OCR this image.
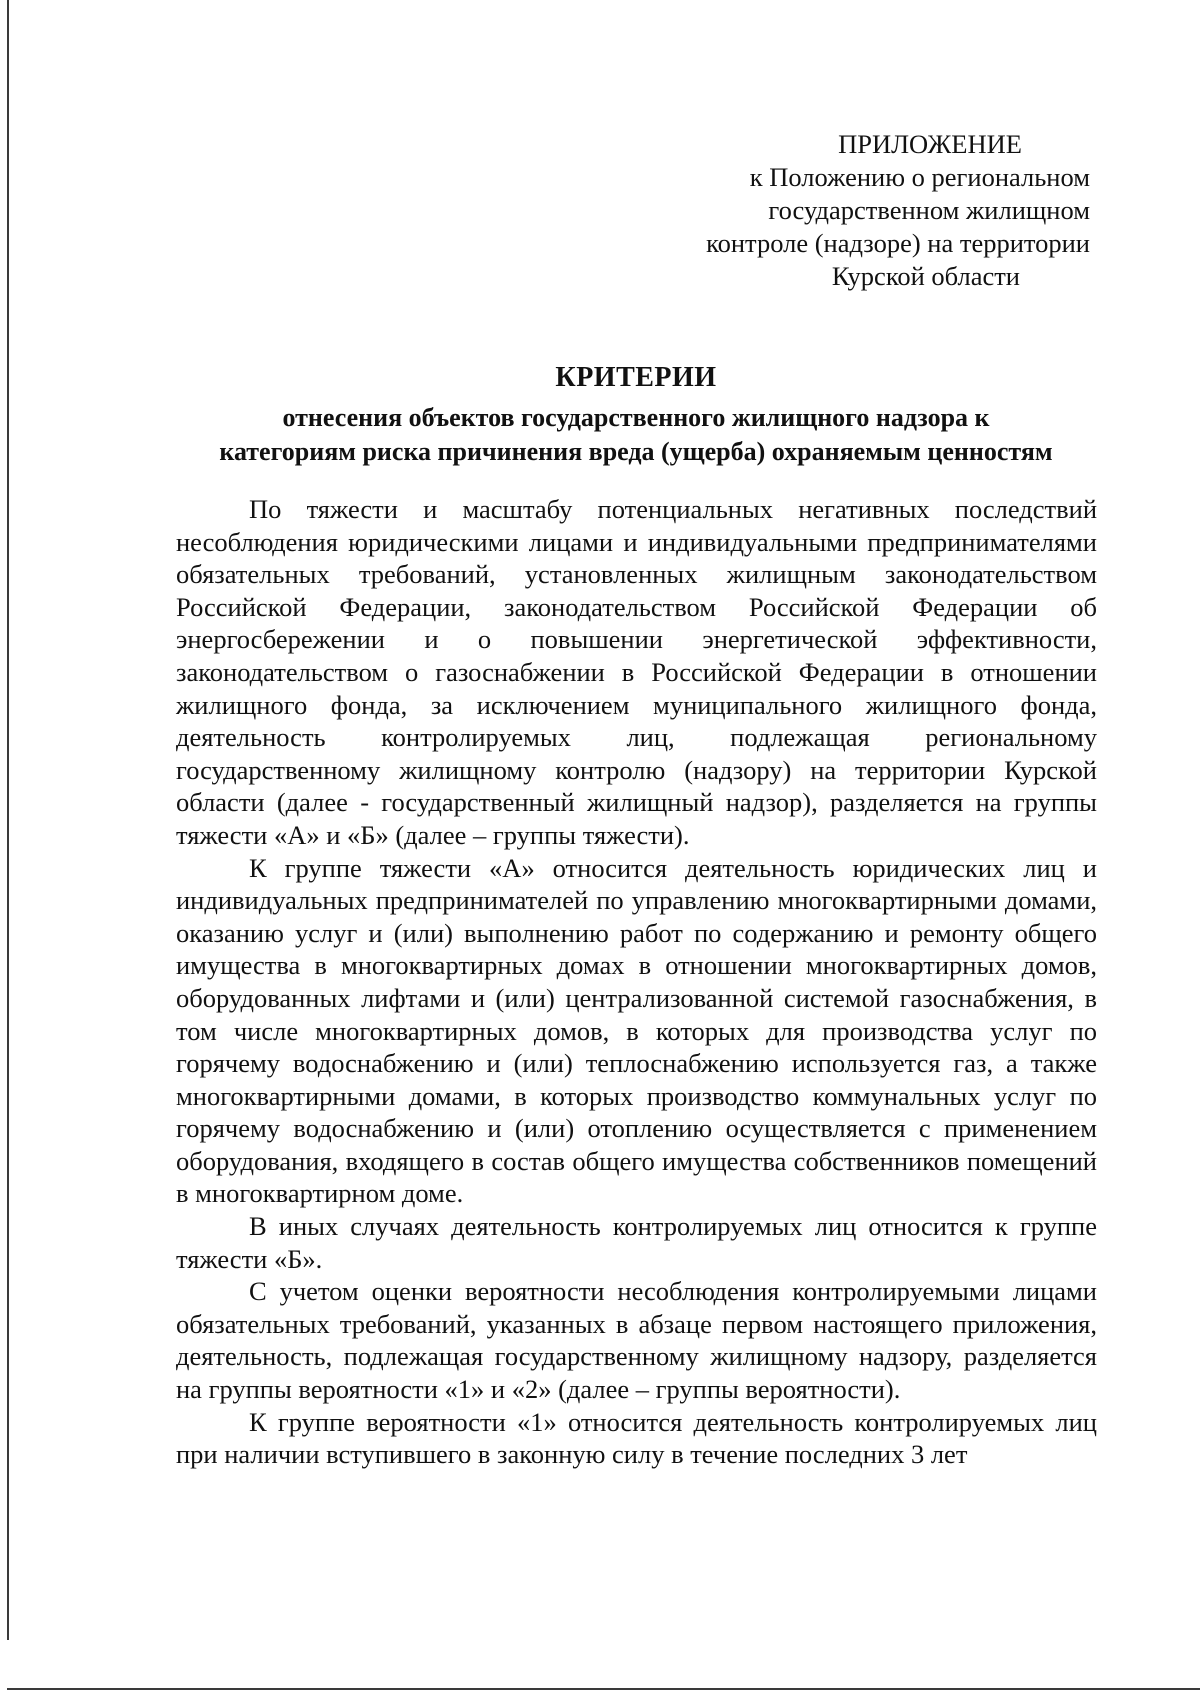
ПРИЛОЖЕНИЕ
к Положению о региональном
государственном жилищном
контроле (надзоре) на территории
Курской области
КРИТЕРИИ
отнесения объектов государственного жилищного надзора к
категориям риска причинения вреда (ущерба) охраняемым ценностям

По тяжести и масштабу потенциальных негативных последствий несоблюдения юридическими лицами и индивидуальными предпринимателями обязательных требований, установленных жилищным законодательством Российской Федерации, законодательством Российской Федерации об энергосбережении и о повышении энергетической эффективности, законодательством о газоснабжении в Российской Федерации в отношении жилищного фонда, за исключением муниципального жилищного фонда, деятельность контролируемых лиц, подлежащая региональному государственному жилищному контролю (надзору) на территории Курской области (далее - государственный жилищный надзор), разделяется на группы тяжести «А» и «Б» (далее – группы тяжести).

К группе тяжести «А» относится деятельность юридических лиц и индивидуальных предпринимателей по управлению многоквартирными домами, оказанию услуг и (или) выполнению работ по содержанию и ремонту общего имущества в многоквартирных домах в отношении многоквартирных домов, оборудованных лифтами и (или) централизованной системой газоснабжения, в том числе многоквартирных домов, в которых для производства услуг по горячему водоснабжению и (или) теплоснабжению используется газ, а также многоквартирными домами, в которых производство коммунальных услуг по горячему водоснабжению и (или) отоплению осуществляется с применением оборудования, входящего в состав общего имущества собственников помещений в многоквартирном доме.

В иных случаях деятельность контролируемых лиц относится к группе тяжести «Б».

С учетом оценки вероятности несоблюдения контролируемыми лицами обязательных требований, указанных в абзаце первом настоящего приложения, деятельность, подлежащая государственному жилищному надзору, разделяется на группы вероятности «1» и «2» (далее – группы вероятности).

К группе вероятности «1» относится деятельность контролируемых лиц при наличии вступившего в законную силу в течение последних 3 лет
